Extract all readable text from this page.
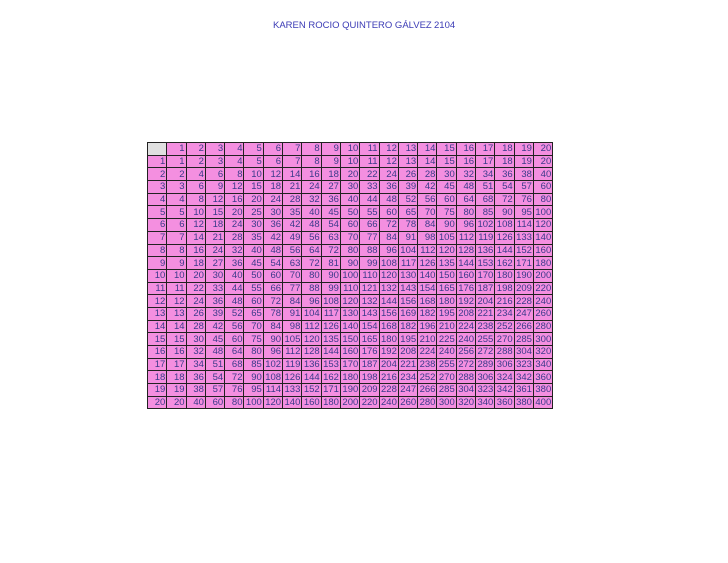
KAREN ROCIO QUINTERO GÁLVEZ 2104
	1	2	3	4	5	6	7	8	9	10	11	12	13	14	15	16	17	18	19	20
1	1	2	3	4	5	6	7	8	9	10	11	12	13	14	15	16	17	18	19	20
2	2	4	6	8	10	12	14	16	18	20	22	24	26	28	30	32	34	36	38	40
3	3	6	9	12	15	18	21	24	27	30	33	36	39	42	45	48	51	54	57	60
4	4	8	12	16	20	24	28	32	36	40	44	48	52	56	60	64	68	72	76	80
5	5	10	15	20	25	30	35	40	45	50	55	60	65	70	75	80	85	90	95	100
6	6	12	18	24	30	36	42	48	54	60	66	72	78	84	90	96	102	108	114	120
7	7	14	21	28	35	42	49	56	63	70	77	84	91	98	105	112	119	126	133	140
8	8	16	24	32	40	48	56	64	72	80	88	96	104	112	120	128	136	144	152	160
9	9	18	27	36	45	54	63	72	81	90	99	108	117	126	135	144	153	162	171	180
10	10	20	30	40	50	60	70	80	90	100	110	120	130	140	150	160	170	180	190	200
11	11	22	33	44	55	66	77	88	99	110	121	132	143	154	165	176	187	198	209	220
12	12	24	36	48	60	72	84	96	108	120	132	144	156	168	180	192	204	216	228	240
13	13	26	39	52	65	78	91	104	117	130	143	156	169	182	195	208	221	234	247	260
14	14	28	42	56	70	84	98	112	126	140	154	168	182	196	210	224	238	252	266	280
15	15	30	45	60	75	90	105	120	135	150	165	180	195	210	225	240	255	270	285	300
16	16	32	48	64	80	96	112	128	144	160	176	192	208	224	240	256	272	288	304	320
17	17	34	51	68	85	102	119	136	153	170	187	204	221	238	255	272	289	306	323	340
18	18	36	54	72	90	108	126	144	162	180	198	216	234	252	270	288	306	324	342	360
19	19	38	57	76	95	114	133	152	171	190	209	228	247	266	285	304	323	342	361	380
20	20	40	60	80	100	120	140	160	180	200	220	240	260	280	300	320	340	360	380	400
